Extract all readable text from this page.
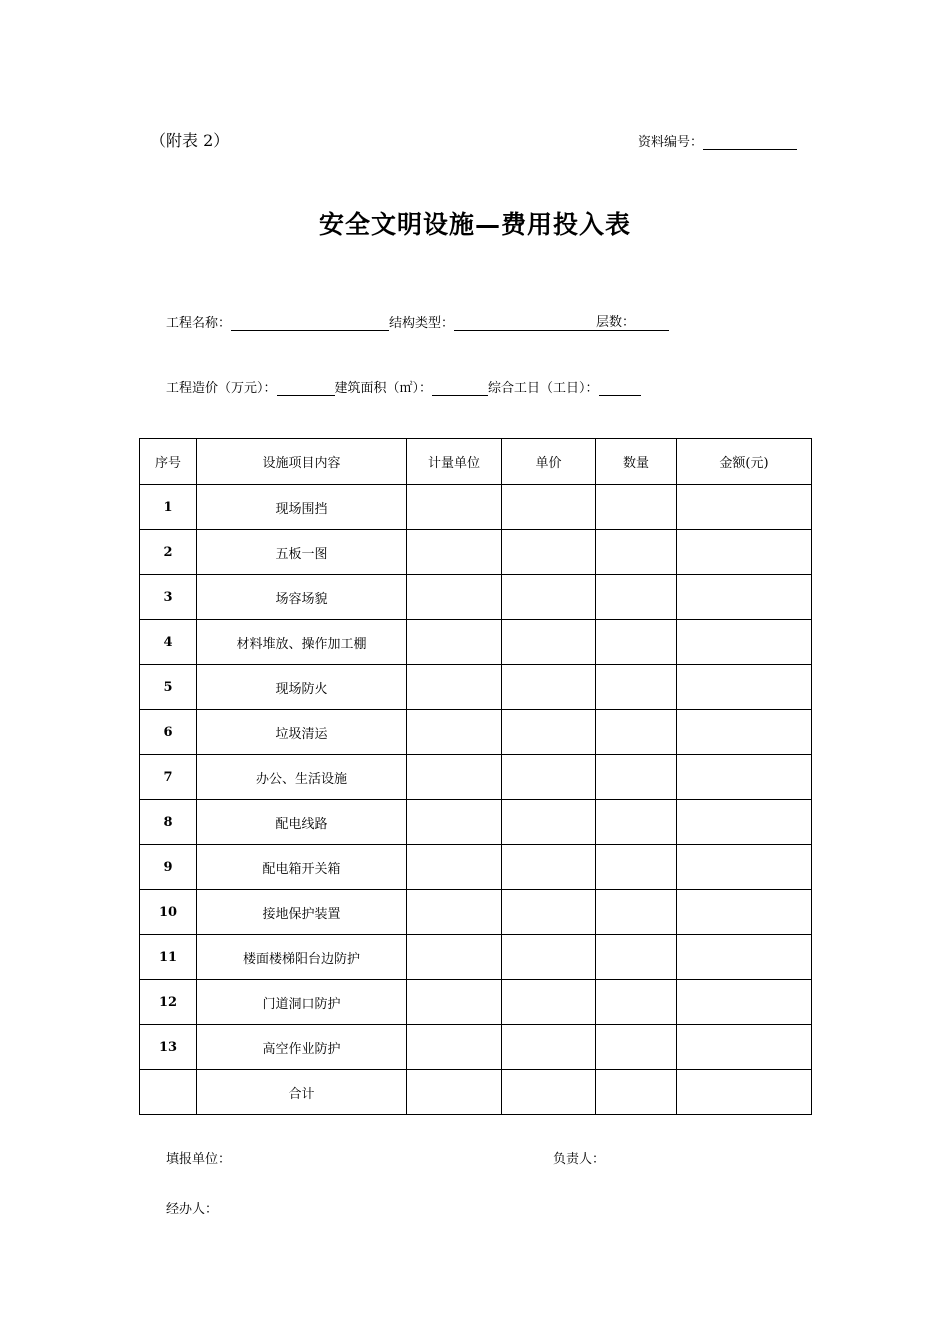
（附表 2）	资料编号：
安全文明设施—费用投入表
工程名称：	结构类型：	层数：
工程造价（万元）：	建筑面积（㎡）：	综合工日（工日）：
序号	设施项目内容	计量单位	单价	数量	金额(元)
1	现场围挡				
2	五板一图				
3	场容场貌				
4	材料堆放、操作加工棚				
5	现场防火				
6	垃圾清运				
7	办公、生活设施				
8	配电线路				
9	配电箱开关箱				
10	接地保护装置				
11	楼面楼梯阳台边防护				
12	门道洞口防护				
13	高空作业防护				
	合计				
填报单位：	负责人：
经办人：
